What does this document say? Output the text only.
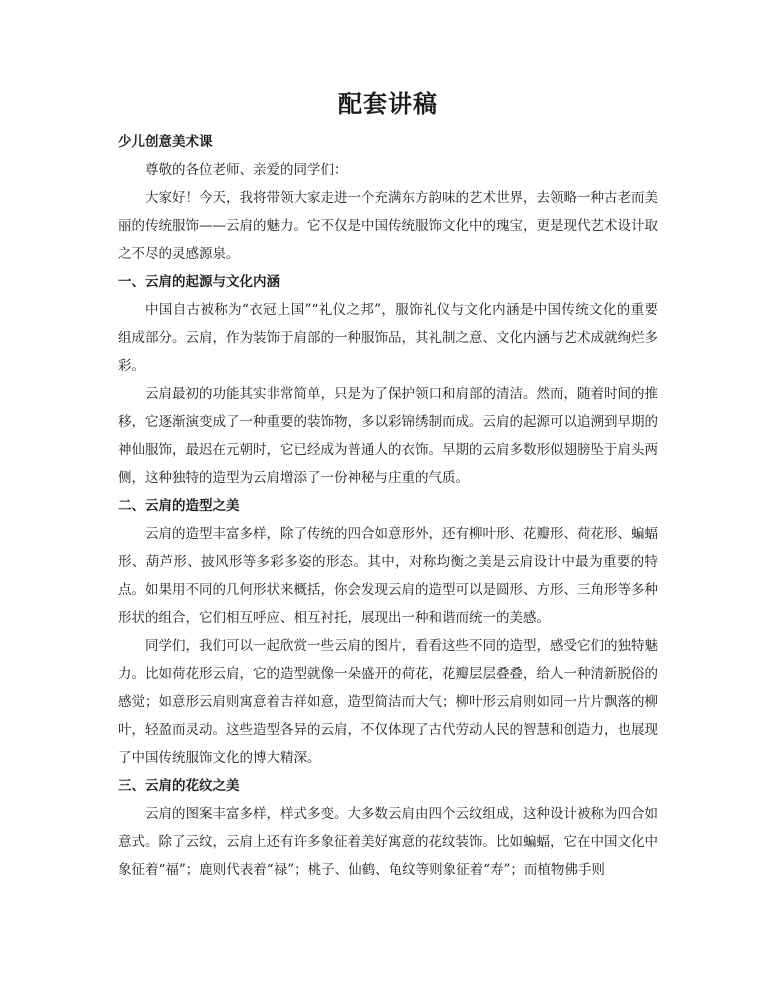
配套讲稿

少儿创意美术课

尊敬的各位老师、亲爱的同学们：

大家好！今天，我将带领大家走进一个充满东方韵味的艺术世界，去领略一种古老而美丽的传统服饰——云肩的魅力。它不仅是中国传统服饰文化中的瑰宝，更是现代艺术设计取之不尽的灵感源泉。

一、云肩的起源与文化内涵

中国自古被称为“衣冠上国”“礼仪之邦”，服饰礼仪与文化内涵是中国传统文化的重要组成部分。云肩，作为装饰于肩部的一种服饰品，其礼制之意、文化内涵与艺术成就绚烂多彩。

云肩最初的功能其实非常简单，只是为了保护领口和肩部的清洁。然而，随着时间的推移，它逐渐演变成了一种重要的装饰物，多以彩锦绣制而成。云肩的起源可以追溯到早期的神仙服饰，最迟在元朝时，它已经成为普通人的衣饰。早期的云肩多数形似翅膀坠于肩头两侧，这种独特的造型为云肩增添了一份神秘与庄重的气质。

二、云肩的造型之美

云肩的造型丰富多样，除了传统的四合如意形外，还有柳叶形、花瓣形、荷花形、蝙蝠形、葫芦形、披风形等多彩多姿的形态。其中，对称均衡之美是云肩设计中最为重要的特点。如果用不同的几何形状来概括，你会发现云肩的造型可以是圆形、方形、三角形等多种形状的组合，它们相互呼应、相互衬托，展现出一种和谐而统一的美感。

同学们，我们可以一起欣赏一些云肩的图片，看看这些不同的造型，感受它们的独特魅力。比如荷花形云肩，它的造型就像一朵盛开的荷花，花瓣层层叠叠，给人一种清新脱俗的感觉；如意形云肩则寓意着吉祥如意，造型简洁而大气；柳叶形云肩则如同一片片飘落的柳叶，轻盈而灵动。这些造型各异的云肩，不仅体现了古代劳动人民的智慧和创造力，也展现了中国传统服饰文化的博大精深。

三、云肩的花纹之美

云肩的图案丰富多样，样式多变。大多数云肩由四个云纹组成，这种设计被称为四合如意式。除了云纹，云肩上还有许多象征着美好寓意的花纹装饰。比如蝙蝠，它在中国文化中象征着“福”；鹿则代表着“禄”；桃子、仙鹤、龟纹等则象征着“寿”；而植物佛手则
